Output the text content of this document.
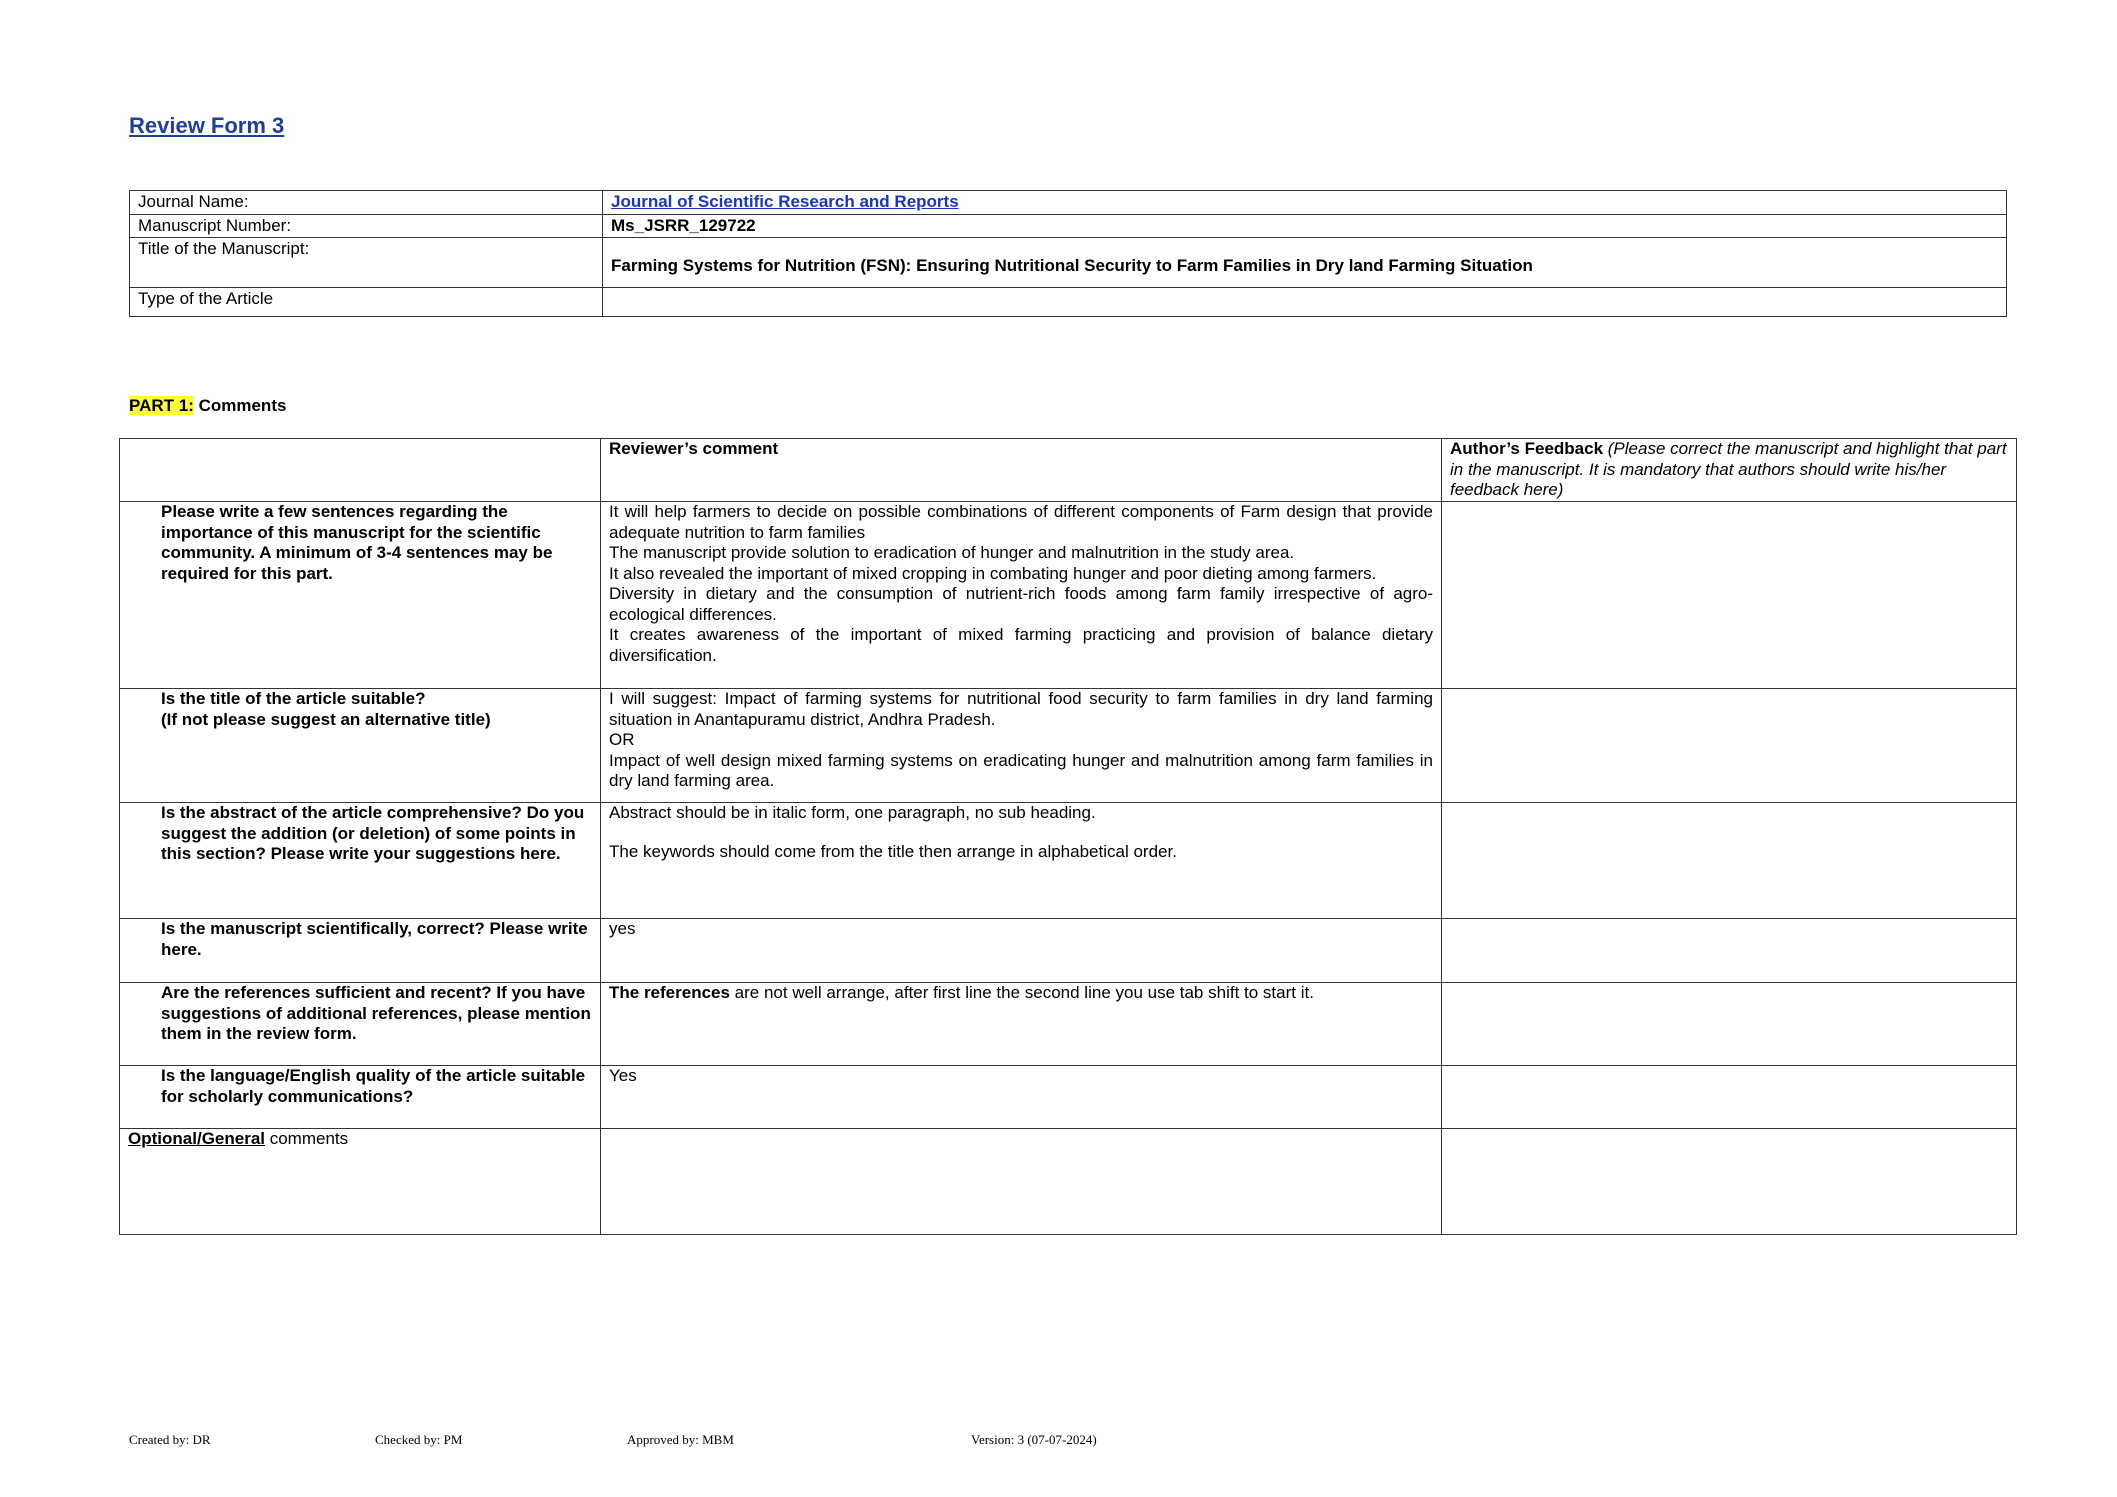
Review Form 3
Journal Name:	Journal of Scientific Research and Reports
Manuscript Number:	Ms_JSRR_129722
Title of the Manuscript:	Farming Systems for Nutrition (FSN): Ensuring Nutritional Security to Farm Families in Dry land Farming Situation
Type of the Article	

PART 1: Comments

	Reviewer’s comment	Author’s Feedback (Please correct the manuscript and highlight that part in the manuscript. It is mandatory that authors should write his/her feedback here)
Please write a few sentences regarding the importance of this manuscript for the scientific community. A minimum of 3-4 sentences may be required for this part.	It will help farmers to decide on possible combinations of different components of Farm design that provide adequate nutrition to farm families
The manuscript provide solution to eradication of hunger and malnutrition in the study area.
It also revealed the important of mixed cropping in combating hunger and poor dieting among farmers.
Diversity in dietary and the consumption of nutrient-rich foods among farm family irrespective of agro-ecological differences.
It creates awareness of the important of mixed farming practicing and provision of balance dietary diversification.	

Is the title of the article suitable?
(If not please suggest an alternative title)	I will suggest: Impact of farming systems for nutritional food security to farm families in dry land farming situation in Anantapuramu district, Andhra Pradesh.
OR
Impact of well design mixed farming systems on eradicating hunger and malnutrition among farm families in dry land farming area.	

Is the abstract of the article comprehensive? Do you suggest the addition (or deletion) of some points in this section? Please write your suggestions here.	Abstract should be in italic form, one paragraph, no sub heading.
The keywords should come from the title then arrange in alphabetical order.	

Is the manuscript scientifically, correct? Please write here.	yes	
Are the references sufficient and recent? If you have suggestions of additional references, please mention them in the review form.	The references are not well arrange, after first line the second line you use tab shift to start it.	
Is the language/English quality of the article suitable for scholarly communications?	Yes	
Optional/General comments		
Created by: DR	Checked by: PM	Approved by: MBM	Version: 3 (07-07-2024)
